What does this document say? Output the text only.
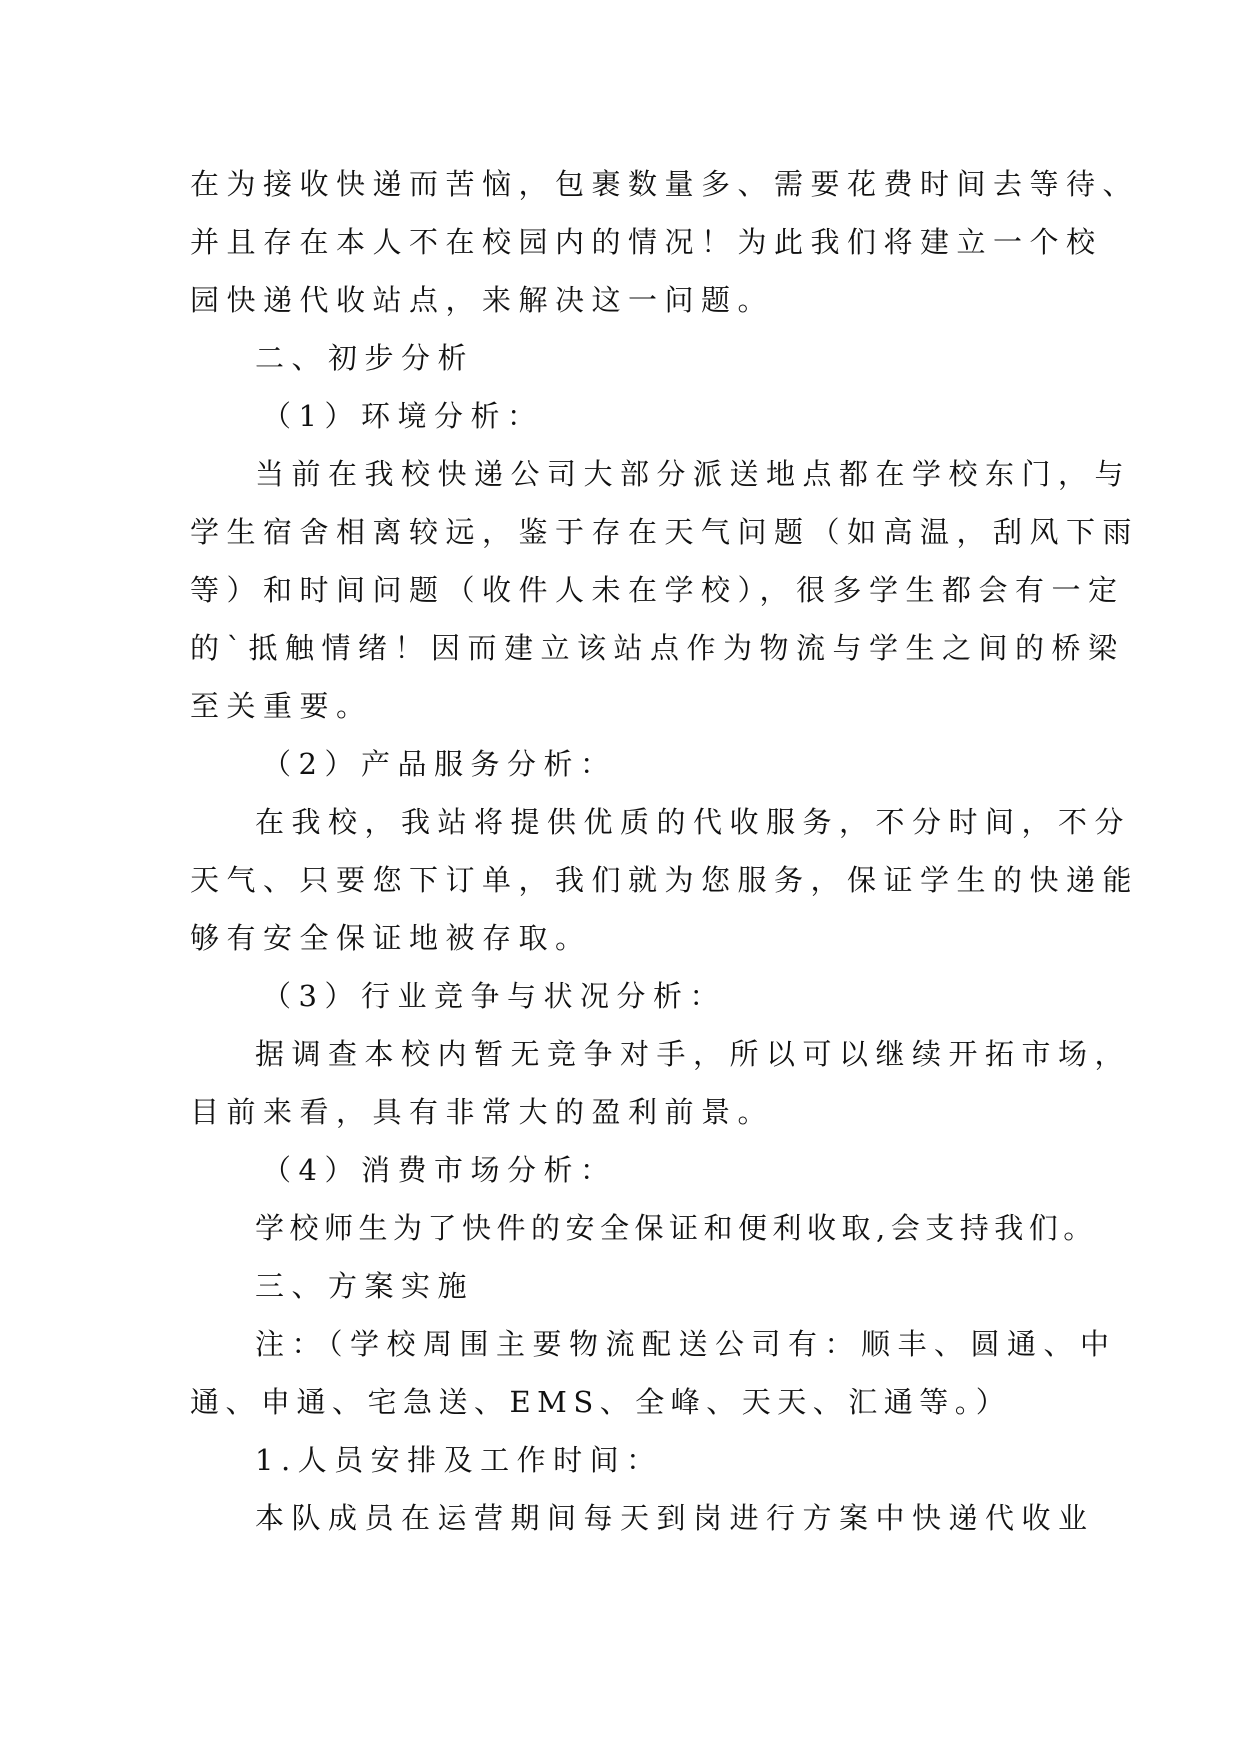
在为接收快递而苦恼，包裹数量多、需要花费时间去等待、
并且存在本人不在校园内的情况！为此我们将建立一个校
园快递代收站点，来解决这一问题。
二、初步分析
（1）环境分析：
当前在我校快递公司大部分派送地点都在学校东门，与
学生宿舍相离较远，鉴于存在天气问题（如高温，刮风下雨
等）和时间问题（收件人未在学校），很多学生都会有一定
的`抵触情绪！因而建立该站点作为物流与学生之间的桥梁
至关重要。
（2）产品服务分析：
在我校，我站将提供优质的代收服务，不分时间，不分
天气、只要您下订单，我们就为您服务，保证学生的快递能
够有安全保证地被存取。
（3）行业竞争与状况分析：
据调查本校内暂无竞争对手，所以可以继续开拓市场，
目前来看，具有非常大的盈利前景。
（4）消费市场分析：
学校师生为了快件的安全保证和便利收取,会支持我们。
三、方案实施
注：（学校周围主要物流配送公司有：顺丰、圆通、中
通、申通、宅急送、EMS、全峰、天天、汇通等。）
1.人员安排及工作时间：
本队成员在运营期间每天到岗进行方案中快递代收业
